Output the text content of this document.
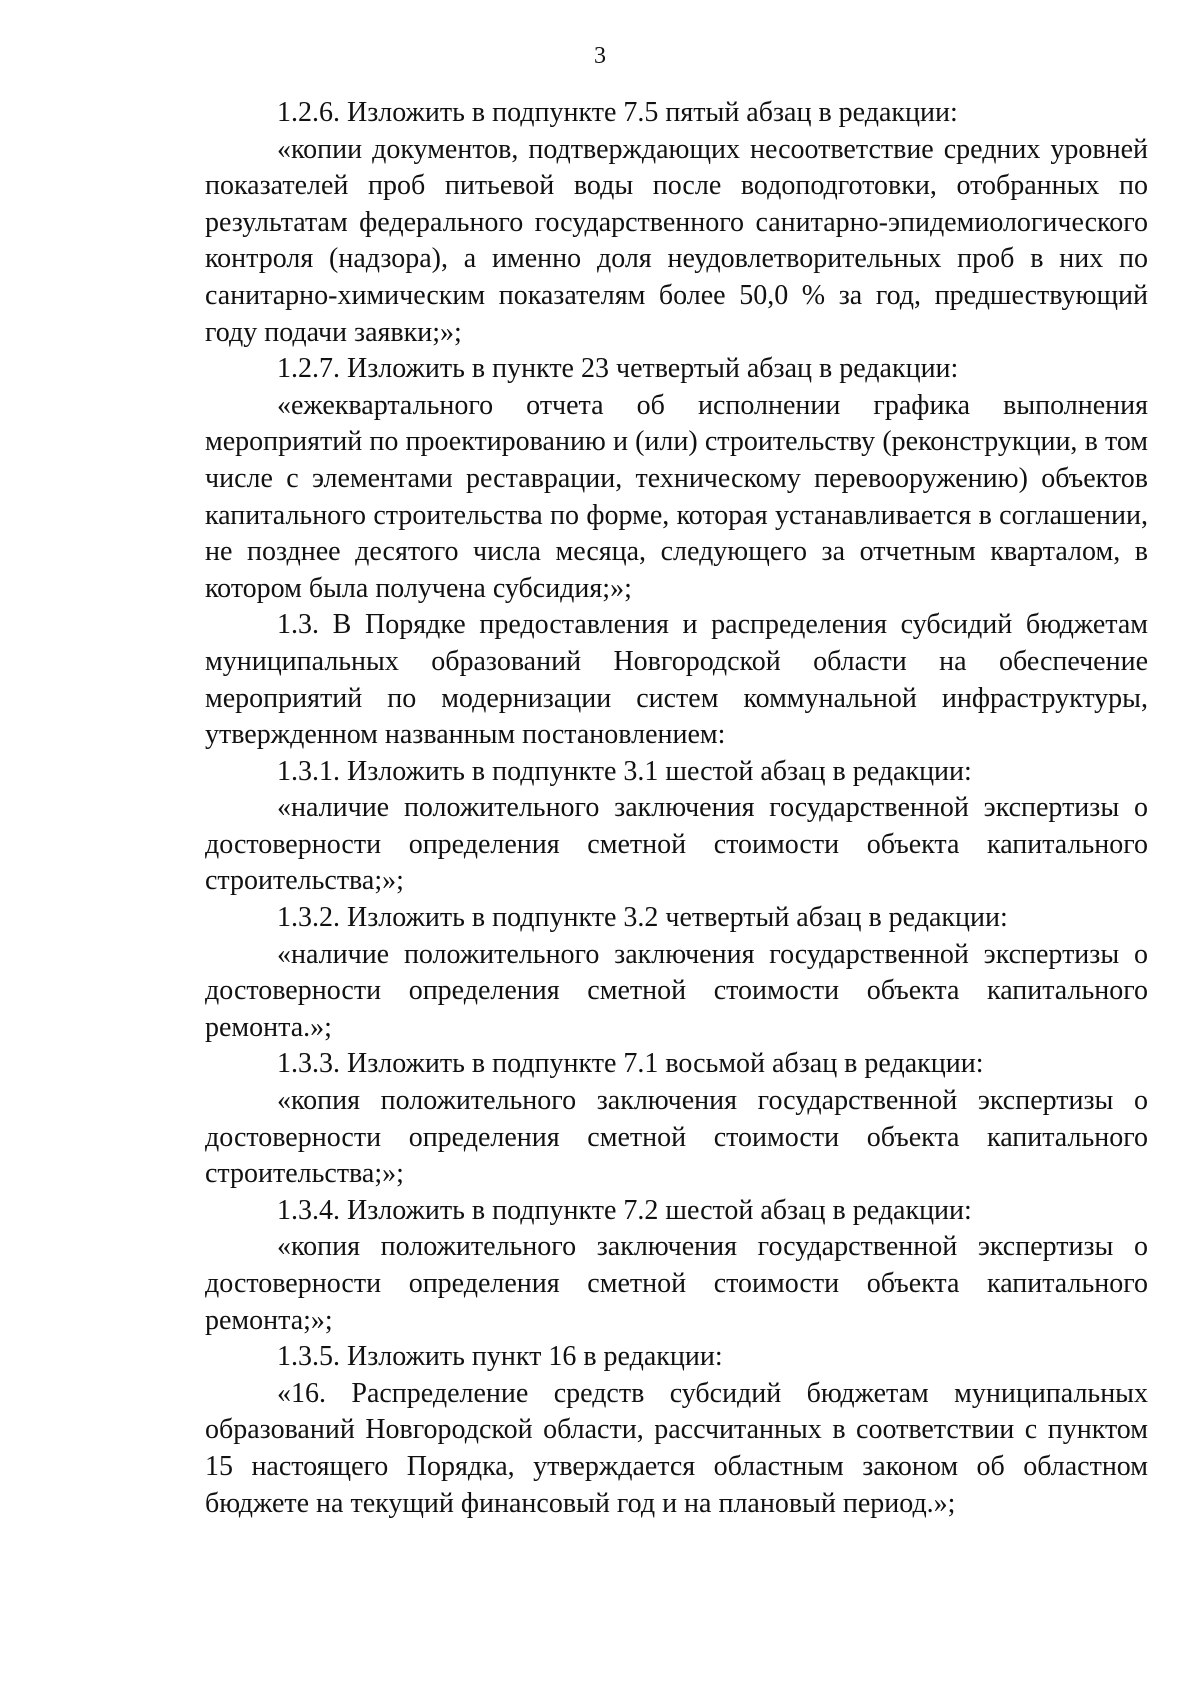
3

1.2.6. Изложить в подпункте 7.5 пятый абзац в редакции:

«копии документов, подтверждающих несоответствие средних уровней показателей проб питьевой воды после водоподготовки, отобранных по результатам федерального государственного санитарно-эпидемиологического контроля (надзора), а именно доля неудовлетворительных проб в них по санитарно-химическим показателям более 50,0 % за год, предшествующий году подачи заявки;»;

1.2.7. Изложить в пункте 23 четвертый абзац в редакции:

«ежеквартального отчета об исполнении графика выполнения мероприятий по проектированию и (или) строительству (реконструкции, в том числе с элементами реставрации, техническому перевооружению) объектов капитального строительства по форме, которая устанавливается в соглашении, не позднее десятого числа месяца, следующего за отчетным кварталом, в котором была получена субсидия;»;

1.3. В Порядке предоставления и распределения субсидий бюджетам муниципальных образований Новгородской области на обеспечение мероприятий по модернизации систем коммунальной инфраструктуры, утвержденном названным постановлением:

1.3.1. Изложить в подпункте 3.1 шестой абзац в редакции:

«наличие положительного заключения государственной экспертизы о достоверности определения сметной стоимости объекта капитального строительства;»;

1.3.2. Изложить в подпункте 3.2 четвертый абзац в редакции:

«наличие положительного заключения государственной экспертизы о достоверности определения сметной стоимости объекта капитального ремонта.»;

1.3.3. Изложить в подпункте 7.1 восьмой абзац в редакции:

«копия положительного заключения государственной экспертизы о достоверности определения сметной стоимости объекта капитального строительства;»;

1.3.4. Изложить в подпункте 7.2 шестой абзац в редакции:

«копия положительного заключения государственной экспертизы о достоверности определения сметной стоимости объекта капитального ремонта;»;

1.3.5. Изложить пункт 16 в редакции:

«16. Распределение средств субсидий бюджетам муниципальных образований Новгородской области, рассчитанных в соответствии с пунктом 15 настоящего Порядка, утверждается областным законом об областном бюджете на текущий финансовый год и на плановый период.»;
